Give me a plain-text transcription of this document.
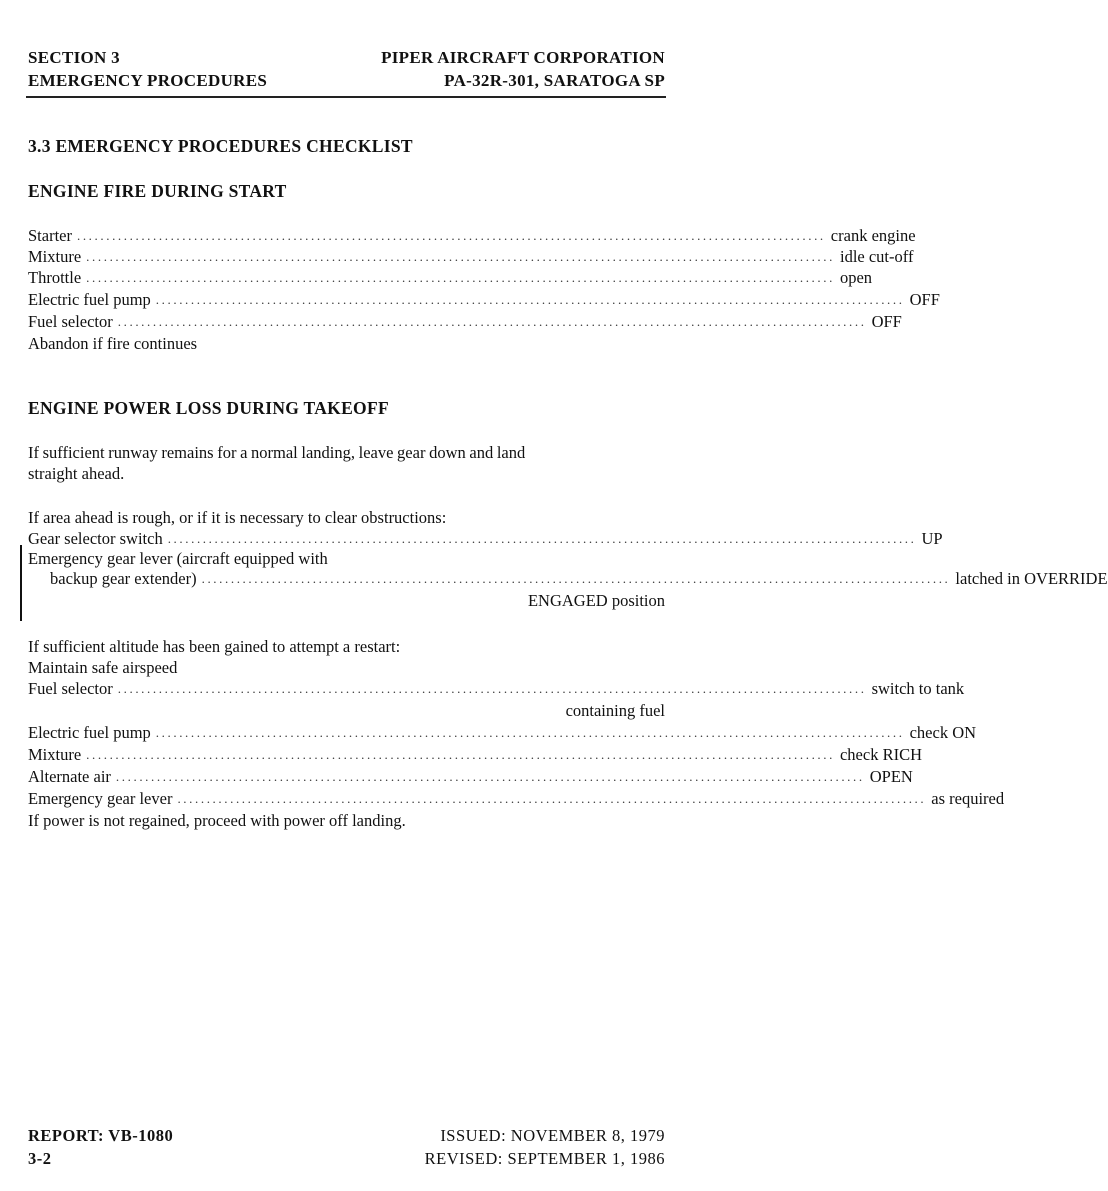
SECTION 3	PIPER AIRCRAFT CORPORATION
EMERGENCY PROCEDURES	PA-32R-301, SARATOGA SP
3.3 EMERGENCY PROCEDURES CHECKLIST
ENGINE FIRE DURING START
Starter ................................................................................................................................ crank engine
Mixture ................................................................................................................................ idle cut-off
Throttle ................................................................................................................................ open
Electric fuel pump ................................................................................................................................ OFF
Fuel selector ................................................................................................................................ OFF
Abandon if fire continues
ENGINE POWER LOSS DURING TAKEOFF
If sufficient runway remains for a normal landing, leave gear down and land
straight ahead.
If area ahead is rough, or if it is necessary to clear obstructions:
Gear selector switch ................................................................................................................................ UP
Emergency gear lever (aircraft equipped with
backup gear extender) ................................................................................................................................ latched in OVERRIDE
ENGAGED position
If sufficient altitude has been gained to attempt a restart:
Maintain safe airspeed
Fuel selector ................................................................................................................................ switch to tank
containing fuel
Electric fuel pump ................................................................................................................................ check ON
Mixture ................................................................................................................................ check RICH
Alternate air ................................................................................................................................ OPEN
Emergency gear lever ................................................................................................................................ as required
If power is not regained, proceed with power off landing.
REPORT: VB-1080
3-2
ISSUED: NOVEMBER 8, 1979
REVISED: SEPTEMBER 1, 1986
